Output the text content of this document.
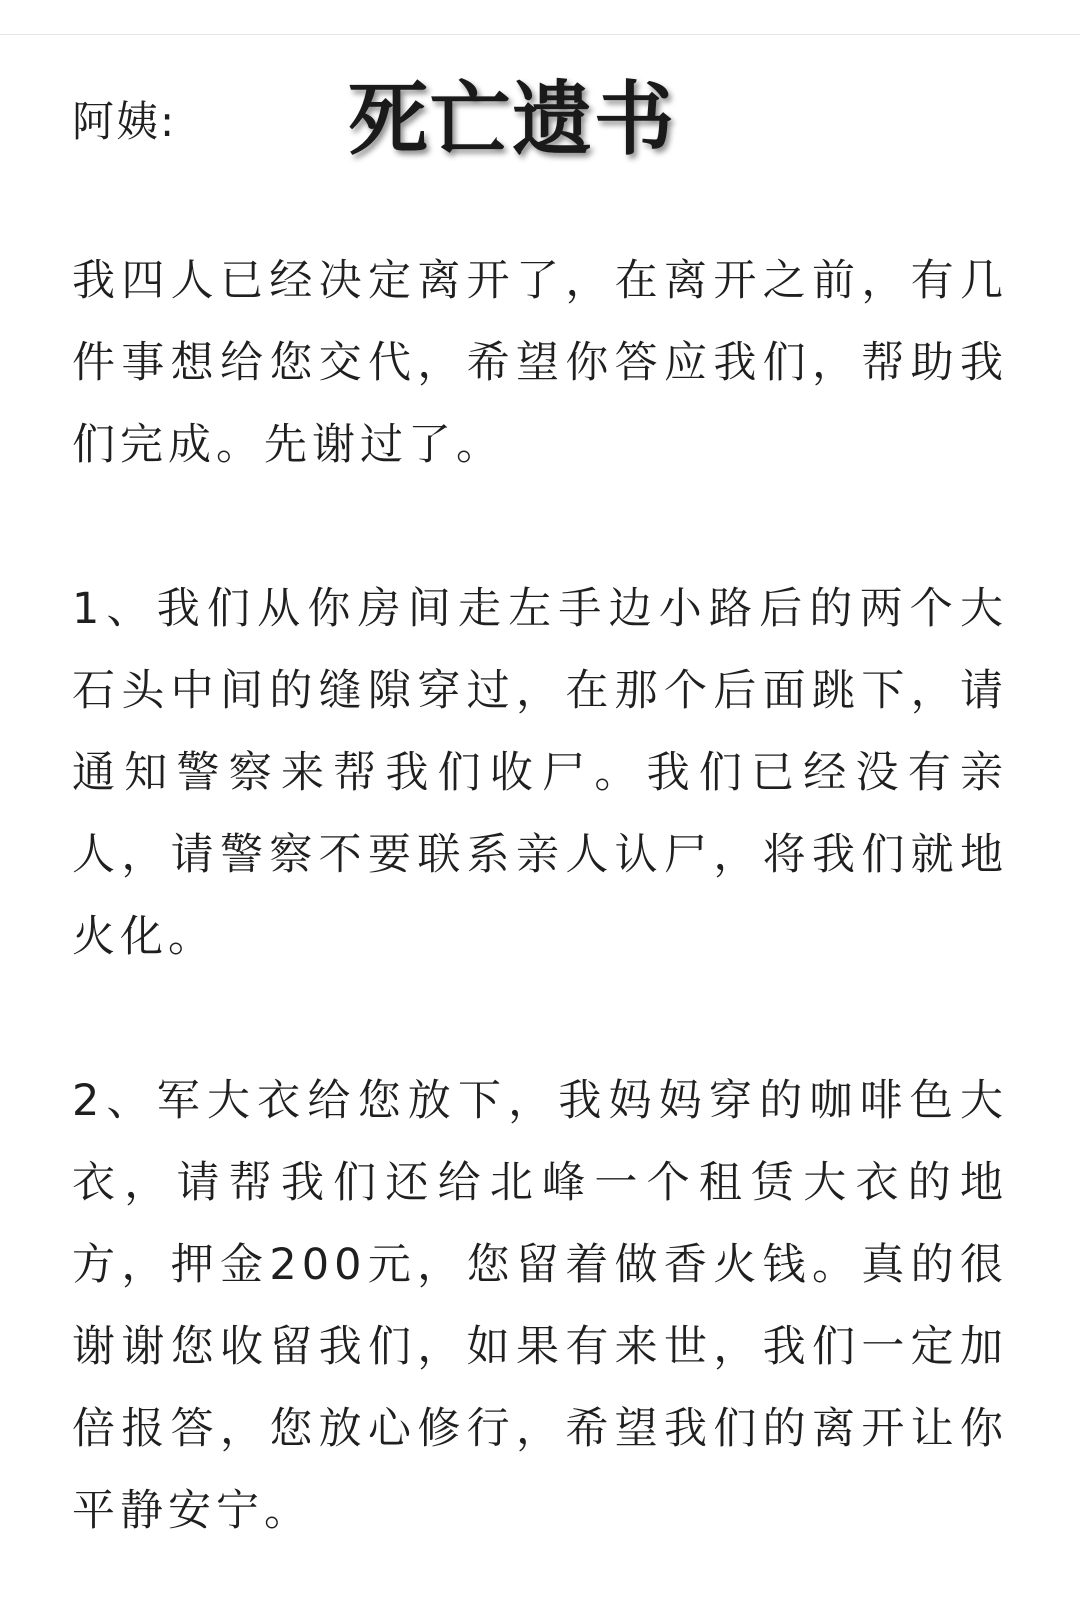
阿姨: 死亡遗书

我四人已经决定离开了，在离开之前，有几件事想给您交代，希望你答应我们，帮助我们完成。先谢过了。

1、我们从你房间走左手边小路后的两个大石头中间的缝隙穿过，在那个后面跳下，请通知警察来帮我们收尸。我们已经没有亲人，请警察不要联系亲人认尸，将我们就地火化。

2、军大衣给您放下，我妈妈穿的咖啡色大衣，请帮我们还给北峰一个租赁大衣的地方，押金200元，您留着做香火钱。真的很谢谢您收留我们，如果有来世，我们一定加倍报答，您放心修行，希望我们的离开让你平静安宁。
